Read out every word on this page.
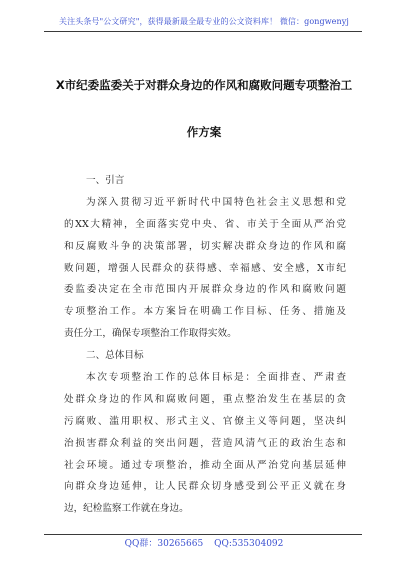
关注头条号"公文研究"，获得最新最全最专业的公文资料库！ 微信：gongwenyj
X市纪委监委关于对群众身边的作风和腐败问题专项整治工
作方案
一、引言
为深入贯彻习近平新时代中国特色社会主义思想和党
的XX大精神，全面落实党中央、省、市关于全面从严治党
和反腐败斗争的决策部署，切实解决群众身边的作风和腐
败问题，增强人民群众的获得感、幸福感、安全感，X市纪
委监委决定在全市范围内开展群众身边的作风和腐败问题
专项整治工作。本方案旨在明确工作目标、任务、措施及
责任分工，确保专项整治工作取得实效。
二、总体目标
本次专项整治工作的总体目标是：全面排查、严肃查
处群众身边的作风和腐败问题，重点整治发生在基层的贪
污腐败、滥用职权、形式主义、官僚主义等问题，坚决纠
治损害群众利益的突出问题，营造风清气正的政治生态和
社会环境。通过专项整治，推动全面从严治党向基层延伸
向群众身边延伸，让人民群众切身感受到公平正义就在身
边，纪检监察工作就在身边。
QQ群：30265665 QQ:535304092
